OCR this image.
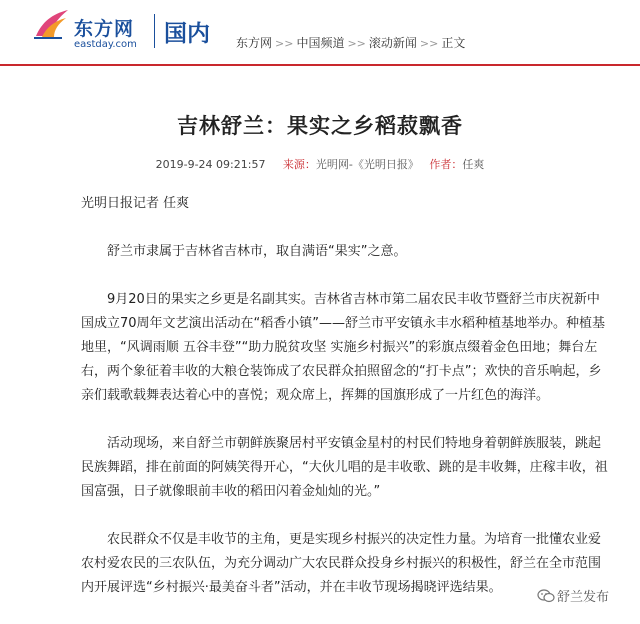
东方网
eastday.com 国内 东方网 >> 中国频道 >> 滚动新闻 >> 正文
吉林舒兰：果实之乡稻菽飘香
2019-9-24 09:21:57 来源：光明网-《光明日报》 作者：任爽

光明日报记者 任爽

舒兰市隶属于吉林省吉林市，取自满语“果实”之意。

9月20日的果实之乡更是名副其实。吉林省吉林市第二届农民丰收节暨舒兰市庆祝新中国成立70周年文艺演出活动在“稻香小镇”——舒兰市平安镇永丰水稻种植基地举办。种植基地里，“风调雨顺 五谷丰登”“助力脱贫攻坚 实施乡村振兴”的彩旗点缀着金色田地；舞台左右，两个象征着丰收的大粮仓装饰成了农民群众拍照留念的“打卡点”；欢快的音乐响起，乡亲们载歌载舞表达着心中的喜悦；观众席上，挥舞的国旗形成了一片红色的海洋。

活动现场，来自舒兰市朝鲜族聚居村平安镇金星村的村民们特地身着朝鲜族服装，跳起民族舞蹈，排在前面的阿姨笑得开心，“大伙儿唱的是丰收歌、跳的是丰收舞，庄稼丰收，祖国富强，日子就像眼前丰收的稻田闪着金灿灿的光。”

农民群众不仅是丰收节的主角，更是实现乡村振兴的决定性力量。为培育一批懂农业爱农村爱农民的三农队伍，为充分调动广大农民群众投身乡村振兴的积极性，舒兰在全市范围内开展评选“乡村振兴·最美奋斗者”活动，并在丰收节现场揭晓评选结果。

舒兰发布
